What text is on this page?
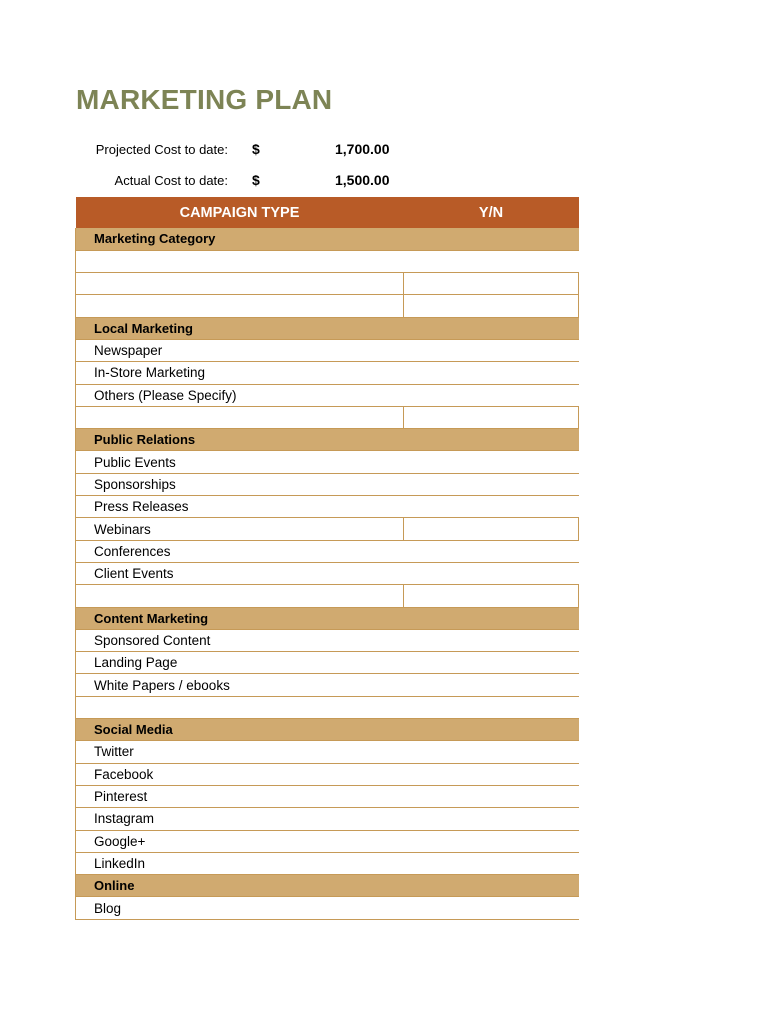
MARKETING PLAN
Projected Cost to date: $	1,700.00
Actual Cost to date: $	1,500.00
CAMPAIGN TYPE	Y/N
Marketing Category	

Local Marketing	
Newspaper	
In-Store Marketing	
Others (Please Specify)	

Public Relations	
Public Events	
Sponsorships	
Press Releases	
Webinars	
Conferences	
Client Events	

Content Marketing	
Sponsored Content	
Landing Page	
White Papers / ebooks	

Social Media	
Twitter	
Facebook	
Pinterest	
Instagram	
Google+	
LinkedIn	
Online	
Blog	
